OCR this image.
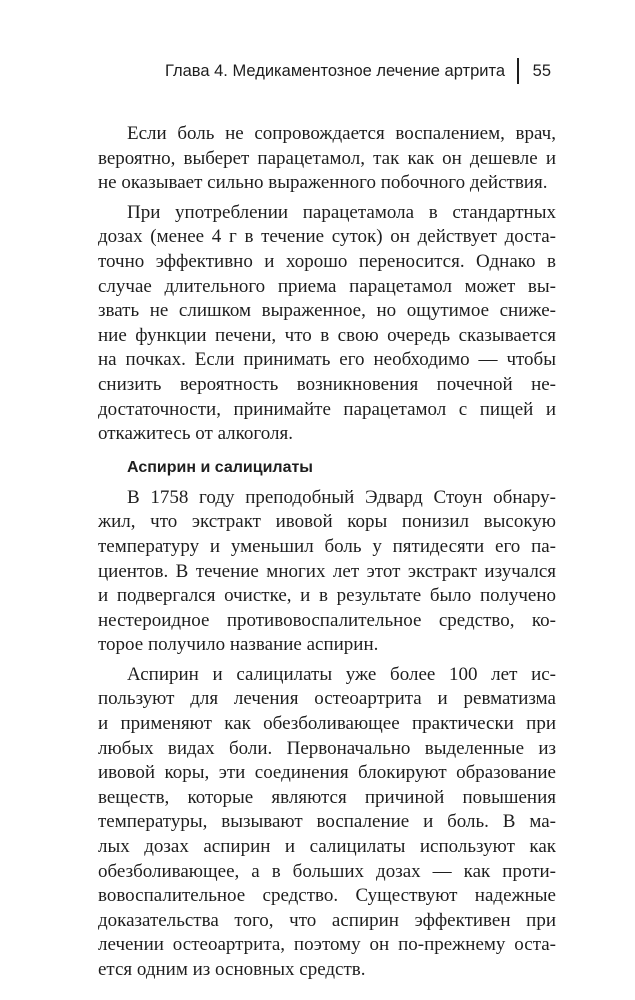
Глава 4. Медикаментозное лечение артрита 55
Если боль не сопровождается воспалением, врач,
вероятно, выберет парацетамол, так как он дешевле и
не оказывает сильно выраженного побочного действия.
При употреблении парацетамола в стандартных
дозах (менее 4 г в течение суток) он действует доста-
точно эффективно и хорошо переносится. Однако в
случае длительного приема парацетамол может вы-
звать не слишком выраженное, но ощутимое сниже-
ние функции печени, что в свою очередь сказывается
на почках. Если принимать его необходимо — чтобы
снизить вероятность возникновения почечной не-
достаточности, принимайте парацетамол с пищей и
откажитесь от алкоголя.
Аспирин и салицилаты
В 1758 году преподобный Эдвард Стоун обнару-
жил, что экстракт ивовой коры понизил высокую
температуру и уменьшил боль у пятидесяти его па-
циентов. В течение многих лет этот экстракт изучался
и подвергался очистке, и в результате было получено
нестероидное противовоспалительное средство, ко-
торое получило название аспирин.
Аспирин и салицилаты уже более 100 лет ис-
пользуют для лечения остеоартрита и ревматизма
и применяют как обезболивающее практически при
любых видах боли. Первоначально выделенные из
ивовой коры, эти соединения блокируют образование
веществ, которые являются причиной повышения
температуры, вызывают воспаление и боль. В ма-
лых дозах аспирин и салицилаты используют как
обезболивающее, а в больших дозах — как проти-
вовоспалительное средство. Существуют надежные
доказательства того, что аспирин эффективен при
лечении остеоартрита, поэтому он по-прежнему оста-
ется одним из основных средств.
